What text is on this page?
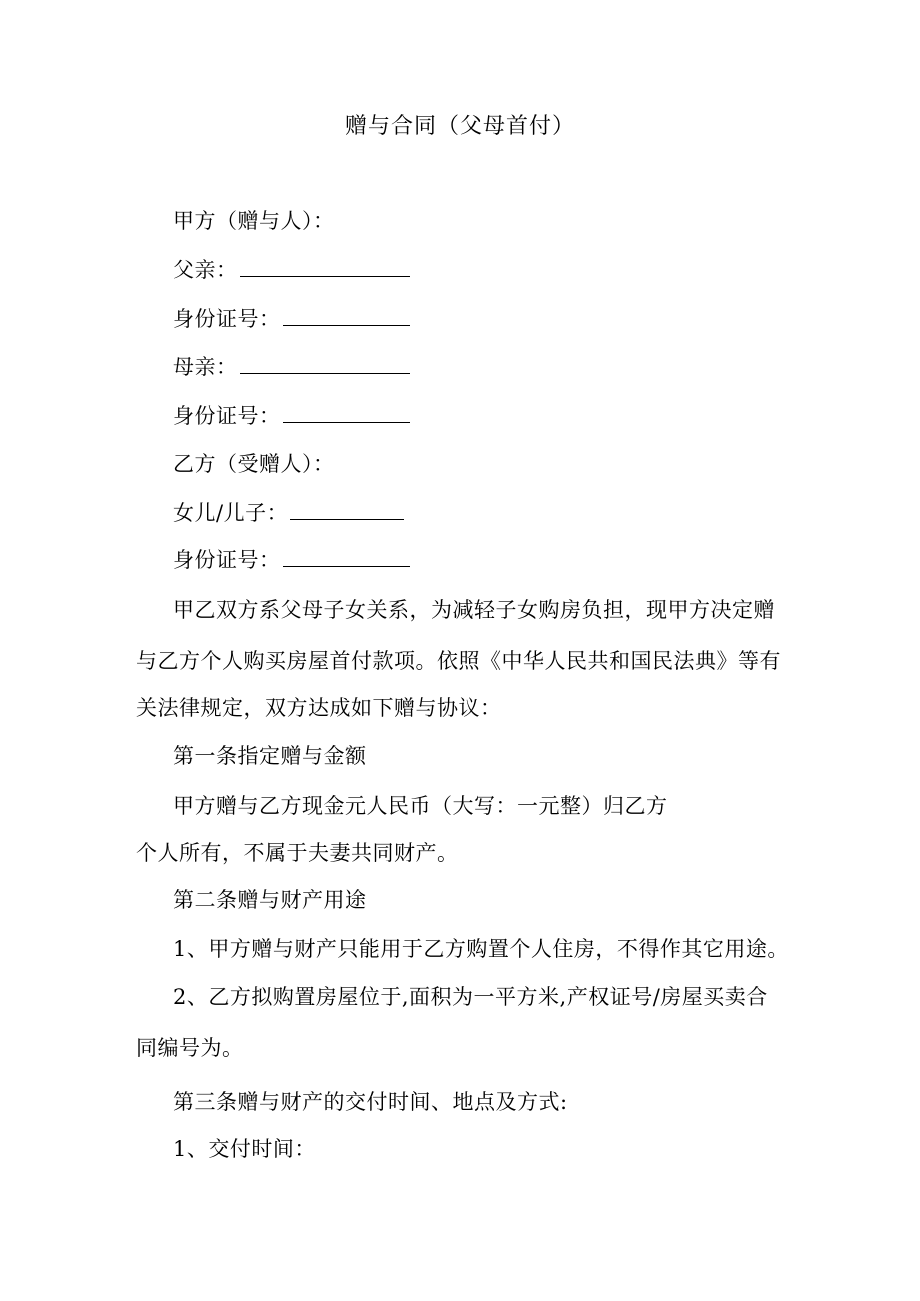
赠与合同（父母首付）
甲方（赠与人）：
父亲：
身份证号：
母亲：
身份证号：
乙方（受赠人）：
女儿/儿子：
身份证号：
甲乙双方系父母子女关系，为减轻子女购房负担，现甲方决定赠
与乙方个人购买房屋首付款项。依照《中华人民共和国民法典》等有
关法律规定，双方达成如下赠与协议：
第一条指定赠与金额
甲方赠与乙方现金元人民币（大写：一元整）归乙方
个人所有，不属于夫妻共同财产。
第二条赠与财产用途
1、甲方赠与财产只能用于乙方购置个人住房，不得作其它用途。
2、乙方拟购置房屋位于,面积为一平方米,产权证号/房屋买卖合
同编号为。
第三条赠与财产的交付时间、地点及方式:
1、交付时间：
